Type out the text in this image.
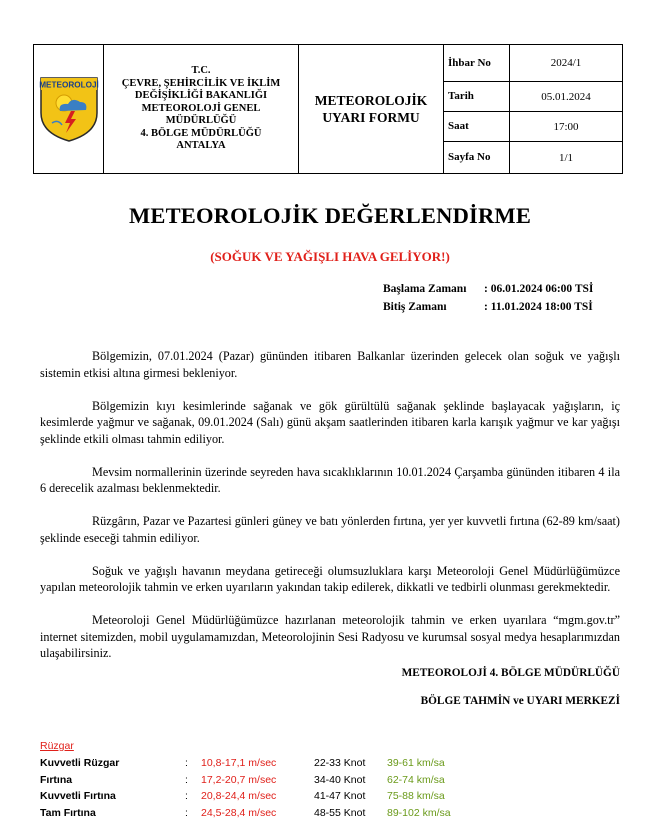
METEOROLOJİ
T.C.
ÇEVRE, ŞEHİRCİLİK VE İKLİM
DEĞİŞİKLİĞİ BAKANLIĞI
METEOROLOJİ GENEL
MÜDÜRLÜĞÜ
4. BÖLGE MÜDÜRLÜĞÜ
ANTALYA
METEOROLOJİK
UYARI FORMU
İhbar No	2024/1
Tarih	05.01.2024
Saat	17:00
Sayfa No	1/1
METEOROLOJİK DEĞERLENDİRME
(SOĞUK VE YAĞIŞLI HAVA GELİYOR!)
Başlama Zamanı	: 06.01.2024 06:00 TSİ
Bitiş Zamanı	: 11.01.2024 18:00 TSİ

Bölgemizin, 07.01.2024 (Pazar) gününden itibaren Balkanlar üzerinden gelecek olan soğuk ve yağışlı sistemin etkisi altına girmesi bekleniyor.

Bölgemizin kıyı kesimlerinde sağanak ve gök gürültülü sağanak şeklinde başlayacak yağışların, iç kesimlerde yağmur ve sağanak, 09.01.2024 (Salı) günü akşam saatlerinden itibaren karla karışık yağmur ve kar yağışı şeklinde etkili olması tahmin ediliyor.

Mevsim normallerinin üzerinde seyreden hava sıcaklıklarının 10.01.2024 Çarşamba gününden itibaren 4 ila 6 derecelik azalması beklenmektedir.

Rüzgârın, Pazar ve Pazartesi günleri güney ve batı yönlerden fırtına, yer yer kuvvetli fırtına (62-89 km/saat) şeklinde eseceği tahmin ediliyor.

Soğuk ve yağışlı havanın meydana getireceği olumsuzluklara karşı Meteoroloji Genel Müdürlüğümüzce yapılan meteorolojik tahmin ve erken uyarıların yakından takip edilerek, dikkatli ve tedbirli olunması gerekmektedir.

Meteoroloji Genel Müdürlüğümüzce hazırlanan meteorolojik tahmin ve erken uyarılara “mgm.gov.tr” internet sitemizden, mobil uygulamamızdan, Meteorolojinin Sesi Radyosu ve kurumsal sosyal medya hesaplarımızdan ulaşabilirsiniz.

METEOROLOJİ 4. BÖLGE MÜDÜRLÜĞÜ
BÖLGE TAHMİN ve UYARI MERKEZİ
Rüzgar
Kuvvetli Rüzgar	:	10,8-17,1 m/sec	22-33 Knot	39-61 km/sa
Fırtına	:	17,2-20,7 m/sec	34-40 Knot	62-74 km/sa
Kuvvetli Fırtına	:	20,8-24,4 m/sec	41-47 Knot	75-88 km/sa
Tam Fırtına	:	24,5-28,4 m/sec	48-55 Knot	89-102 km/sa
